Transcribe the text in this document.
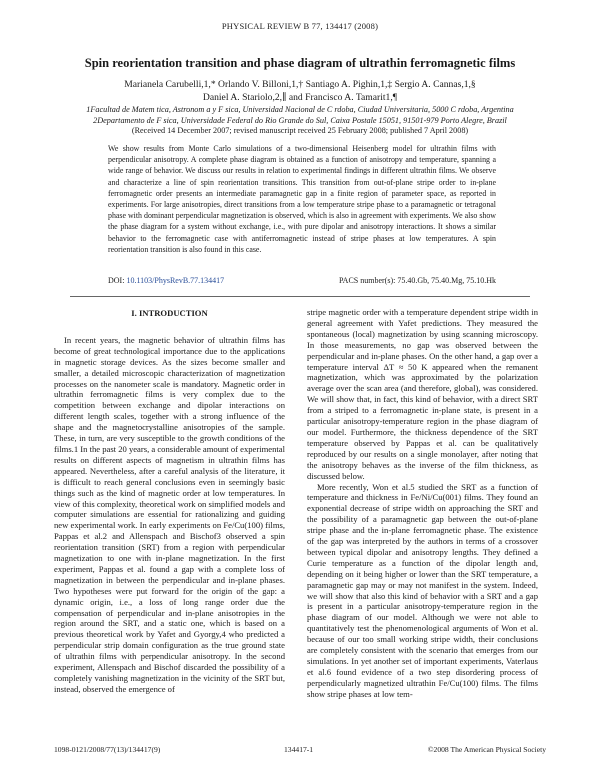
PHYSICAL REVIEW B 77, 134417 (2008)
Spin reorientation transition and phase diagram of ultrathin ferromagnetic films
Marianela Carubelli,1,* Orlando V. Billoni,1,† Santiago A. Pighin,1,‡ Sergio A. Cannas,1,§
Daniel A. Stariolo,2,∥ and Francisco A. Tamarit1,¶
1Facultad de Matem tica, Astronom a y F sica, Universidad Nacional de C rdoba, Ciudad Universitaria, 5000 C rdoba, Argentina
2Departamento de F sica, Universidade Federal do Rio Grande do Sul, Caixa Postale 15051, 91501-979 Porto Alegre, Brazil
(Received 14 December 2007; revised manuscript received 25 February 2008; published 7 April 2008)
We show results from Monte Carlo simulations of a two-dimensional Heisenberg model for ultrathin films with perpendicular anisotropy. A complete phase diagram is obtained as a function of anisotropy and temperature, spanning a wide range of behavior. We discuss our results in relation to experimental findings in different ultrathin films. We observe and characterize a line of spin reorientation transitions. This transition from out-of-plane stripe order to in-plane ferromagnetic order presents an intermediate paramagnetic gap in a finite region of parameter space, as reported in experiments. For large anisotropies, direct transitions from a low temperature stripe phase to a paramagnetic or tetragonal phase with dominant perpendicular magnetization is observed, which is also in agreement with experiments. We also show the phase diagram for a system without exchange, i.e., with pure dipolar and anisotropy interactions. It shows a similar behavior to the ferromagnetic case with antiferromagnetic instead of stripe phases at low temperatures. A spin reorientation transition is also found in this case.
DOI: 10.1103/PhysRevB.77.134417	PACS number(s): 75.40.Gb, 75.40.Mg, 75.10.Hk
I. INTRODUCTION

In recent years, the magnetic behavior of ultrathin films has become of great technological importance due to the applications in magnetic storage devices. As the sizes become smaller and smaller, a detailed microscopic characterization of magnetization processes on the nanometer scale is mandatory. Magnetic order in ultrathin ferromagnetic films is very complex due to the competition between exchange and dipolar interactions on different length scales, together with a strong influence of the shape and the magnetocrystalline anisotropies of the sample. These, in turn, are very susceptible to the growth conditions of the films.1 In the past 20 years, a considerable amount of experimental results on different aspects of magnetism in ultrathin films has appeared. Nevertheless, after a careful analysis of the literature, it is difficult to reach general conclusions even in seemingly basic things such as the kind of magnetic order at low temperatures. In view of this complexity, theoretical work on simplified models and computer simulations are essential for rationalizing and guiding new experimental work. In early experiments on Fe/Cu(100) films, Pappas et al.2 and Allenspach and Bischof3 observed a spin reorientation transition (SRT) from a region with perpendicular magnetization to one with in-plane magnetization. In the first experiment, Pappas et al. found a gap with a complete loss of magnetization in between the perpendicular and in-plane phases. Two hypotheses were put forward for the origin of the gap: a dynamic origin, i.e., a loss of long range order due the compensation of perpendicular and in-plane anisotropies in the region around the SRT, and a static one, which is based on a previous theoretical work by Yafet and Gyorgy,4 who predicted a perpendicular strip domain configuration as the true ground state of ultrathin films with perpendicular anisotropy. In the second experiment, Allenspach and Bischof discarded the possibility of a completely vanishing magnetization in the vicinity of the SRT but, instead, observed the emergence of

stripe magnetic order with a temperature dependent stripe width in general agreement with Yafet predictions. They measured the spontaneous (local) magnetization by using scanning microscopy. In those measurements, no gap was observed between the perpendicular and in-plane phases. On the other hand, a gap over a temperature interval ΔT ≈ 50 K appeared when the remanent magnetization, which was approximated by the polarization average over the scan area (and therefore, global), was considered. We will show that, in fact, this kind of behavior, with a direct SRT from a striped to a ferromagnetic in-plane state, is present in a particular anisotropy-temperature region in the phase diagram of our model. Furthermore, the thickness dependence of the SRT temperature observed by Pappas et al. can be qualitatively reproduced by our results on a single monolayer, after noting that the anisotropy behaves as the inverse of the film thickness, as discussed below.

More recently, Won et al.5 studied the SRT as a function of temperature and thickness in Fe/Ni/Cu(001) films. They found an exponential decrease of stripe width on approaching the SRT and the possibility of a paramagnetic gap between the out-of-plane stripe phase and the in-plane ferromagnetic phase. The existence of the gap was interpreted by the authors in terms of a crossover between typical dipolar and anisotropy lengths. They defined a Curie temperature as a function of the dipolar length and, depending on it being higher or lower than the SRT temperature, a paramagnetic gap may or may not manifest in the system. Indeed, we will show that also this kind of behavior with a SRT and a gap is present in a particular anisotropy-temperature region in the phase diagram of our model. Although we were not able to quantitatively test the phenomenological arguments of Won et al. because of our too small working stripe width, their conclusions are completely consistent with the scenario that emerges from our simulations. In yet another set of important experiments, Vaterlaus et al.6 found evidence of a two step disordering process of perpendicularly magnetized ultrathin Fe/Cu(100) films. The films show stripe phases at low tem-

1098-0121/2008/77(13)/134417(9)	134417-1	©2008 The American Physical Society
